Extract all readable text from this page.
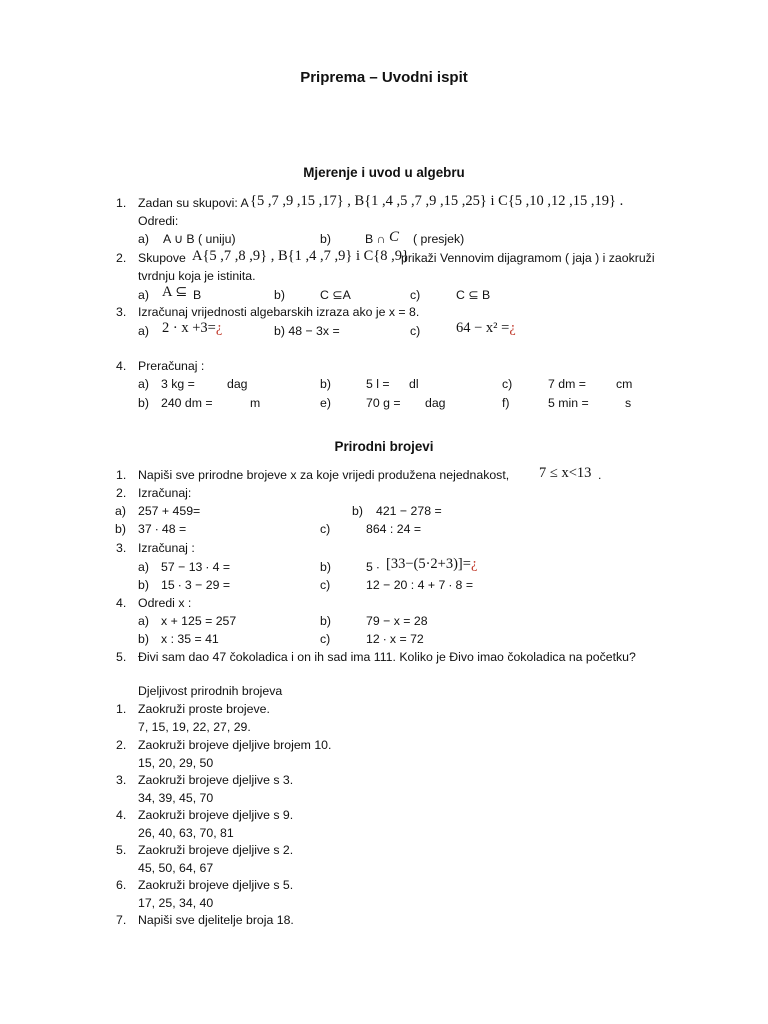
Priprema – Uvodni ispit
Mjerenje i uvod u algebru
1. Zadan su skupovi: A {5 ,7 ,9 ,15 ,17} , B{1 ,4 ,5 ,7 ,9 ,15 ,25} i C{5 ,10 ,12 ,15 ,19} .
Odredi:
a) A ∪ B ( uniju)	b)	B ∩ C ( presjek)
2. Skupove A{5 ,7 ,8 ,9} , B{1 ,4 ,7 ,9} i C{8 ,9}
prikaži Vennovim dijagramom ( jaja ) i zaokruži
tvrdnju koja je istinita.
a) A ⊆ B	b)	C ⊆A	c)	C ⊆ B
3. Izračunaj vrijednosti algebarskih izraza ako je x = 8.
a) 2 · x +3=¿	b) 48 − 3x =	c) 64 − x² =¿
4. Preračunaj :
a) 3 kg =	dag	b)	5 l = dl	c)	7 dm = cm
b) 240 dm =	m	e)	70 g = dag	f)	5 min =	s
Prirodni brojevi
1. Napiši sve prirodne brojeve x za koje vrijedi produžena nejednakost, 7 ≤ x<13 .
2. Izračunaj:
a) 257 + 459=	b) 421 − 278 =
b) 37 ∙ 48 =	c)	864 : 24 =
3. Izračunaj :
a) 57 − 13 ∙ 4 =	b)	5 ∙ [33−(5·2+3)]=¿
b) 15 ∙ 3 − 29 =	c)	12 − 20 : 4 + 7 ∙ 8 =
4. Odredi x :
a) x + 125 = 257	b)	79 − x = 28
b) x : 35 = 41	c)	12 ∙ x = 72
5. Đivi sam dao 47 čokoladica i on ih sad ima 111. Koliko je Đivo imao čokoladica na početku?
Djeljivost prirodnih brojeva
1. Zaokruži proste brojeve.
7, 15, 19, 22, 27, 29.
2. Zaokruži brojeve djeljive brojem 10.
15, 20, 29, 50
3. Zaokruži brojeve djeljive s 3.
34, 39, 45, 70
4. Zaokruži brojeve djeljive s 9.
26, 40, 63, 70, 81
5. Zaokruži brojeve djeljive s 2.
45, 50, 64, 67
6. Zaokruži brojeve djeljive s 5.
17, 25, 34, 40
7. Napiši sve djelitelje broja 18.
